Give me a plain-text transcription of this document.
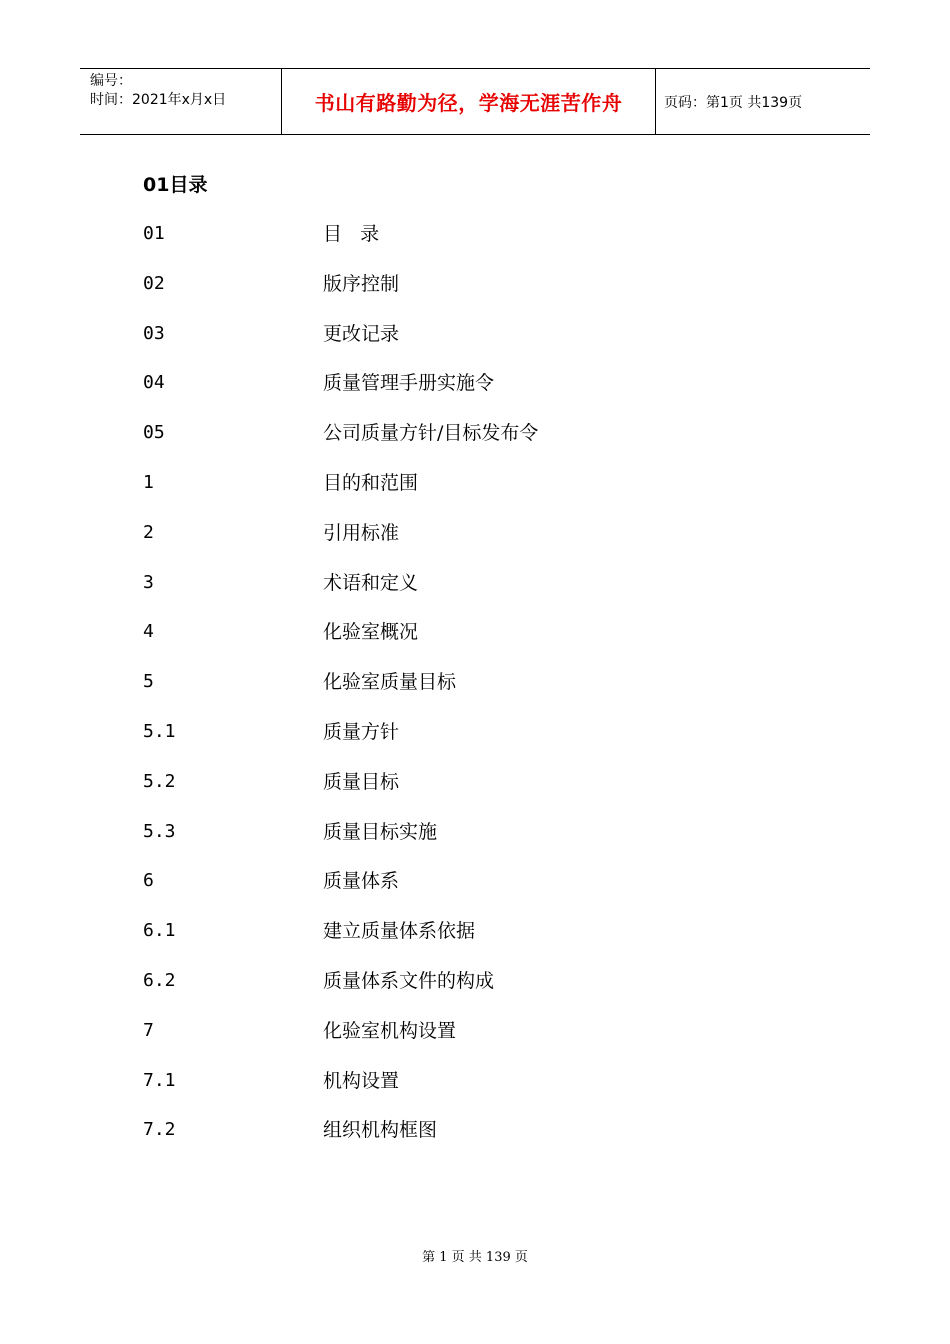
编号：
时间：2021年x月x日	书山有路勤为径，学海无涯苦作舟	页码：第1页 共139页
01目录
01	目   录
02	版序控制
03	更改记录
04	质量管理手册实施令
05	公司质量方针/目标发布令
1	目的和范围
2	引用标准
3	术语和定义
4	化验室概况
5	化验室质量目标
5.1	质量方针
5.2	质量目标
5.3	质量目标实施
6	质量体系
6.1	建立质量体系依据
6.2	质量体系文件的构成
7	化验室机构设置
7.1	机构设置
7.2	组织机构框图
第 1 页 共 139 页
